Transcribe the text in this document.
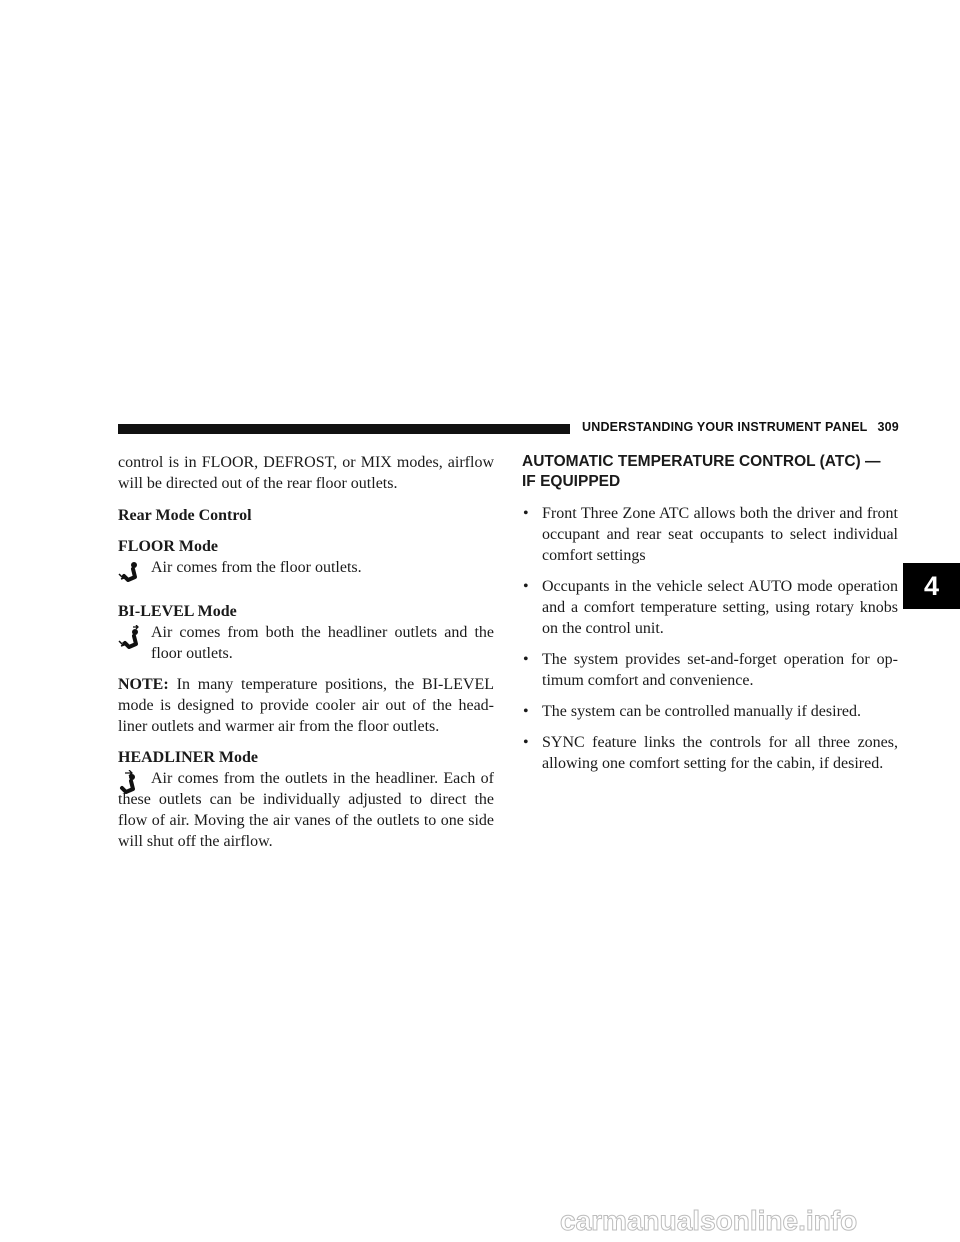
UNDERSTANDING YOUR INSTRUMENT PANEL 309
4

control is in FLOOR, DEFROST, or MIX modes, airflow will be directed out of the rear floor outlets.

Rear Mode Control

FLOOR Mode

Air comes from the floor outlets.

BI-LEVEL Mode

Air comes from both the headliner outlets and the floor outlets.

NOTE: In many temperature positions, the BI-LEVEL mode is designed to provide cooler air out of the head-liner outlets and warmer air from the floor outlets.

HEADLINER Mode

Air comes from the outlets in the headliner. Each of these outlets can be individually adjusted to direct the flow of air. Moving the air vanes of the outlets to one side will shut off the airflow.

AUTOMATIC TEMPERATURE CONTROL (ATC) —
IF EQUIPPED

• Front Three Zone ATC allows both the driver and front occupant and rear seat occupants to select individual comfort settings
• Occupants in the vehicle select AUTO mode operation and a comfort temperature setting, using rotary knobs on the control unit.
• The system provides set-and-forget operation for op-timum comfort and convenience.
• The system can be controlled manually if desired.
• SYNC feature links the controls for all three zones, allowing one comfort setting for the cabin, if desired.
carmanualsonline.info
